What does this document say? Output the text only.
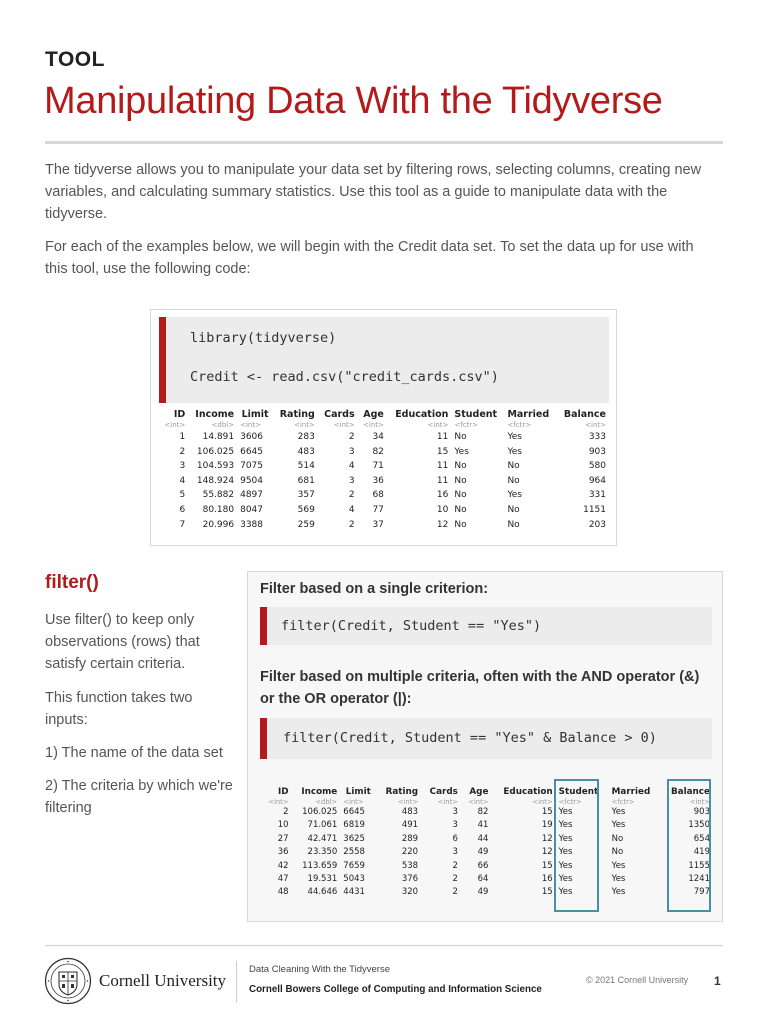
TOOL
Manipulating Data With the Tidyverse

The tidyverse allows you to manipulate your data set by filtering rows, selecting columns, creating new variables, and calculating summary statistics. Use this tool as a guide to manipulate data with the tidyverse.

For each of the examples below, we will begin with the Credit data set. To set the data up for use with this tool, use the following code:

library(tidyverse)
Credit <- read.csv("credit_cards.csv")
ID	Income	Limit	Rating	Cards	Age	Education	Student	Married	Balance
<int>	<dbl>	<int>	<int>	<int>	<int>	<int>	<fctr>	<fctr>	<int>
1	14.891	3606	283	2	34	11	No	Yes	333
2	106.025	6645	483	3	82	15	Yes	Yes	903
3	104.593	7075	514	4	71	11	No	No	580
4	148.924	9504	681	3	36	11	No	No	964
5	55.882	4897	357	2	68	16	No	Yes	331
6	80.180	8047	569	4	77	10	No	No	1151
7	20.996	3388	259	2	37	12	No	No	203
filter()

Use filter() to keep only observations (rows) that satisfy certain criteria.

This function takes two inputs:

1) The name of the data set

2) The criteria by which we're filtering

Filter based on a single criterion:
filter(Credit, Student == "Yes")
Filter based on multiple criteria, often with the AND operator (&) or the OR operator (|):
filter(Credit, Student == "Yes" & Balance > 0)
ID	Income	Limit	Rating	Cards	Age	Education	Student	Married	Balance
<int>	<dbl>	<int>	<int>	<int>	<int>	<int>	<fctr>	<fctr>	<int>
2	106.025	6645	483	3	82	15	Yes	Yes	903
10	71.061	6819	491	3	41	19	Yes	Yes	1350
27	42.471	3625	289	6	44	12	Yes	No	654
36	23.350	2558	220	3	49	12	Yes	No	419
42	113.659	7659	538	2	66	15	Yes	Yes	1155
47	19.531	5043	376	2	64	16	Yes	Yes	1241
48	44.646	4431	320	2	49	15	Yes	Yes	797
Cornell University
Data Cleaning With the Tidyverse
Cornell Bowers College of Computing and Information Science
© 2021 Cornell University 1
